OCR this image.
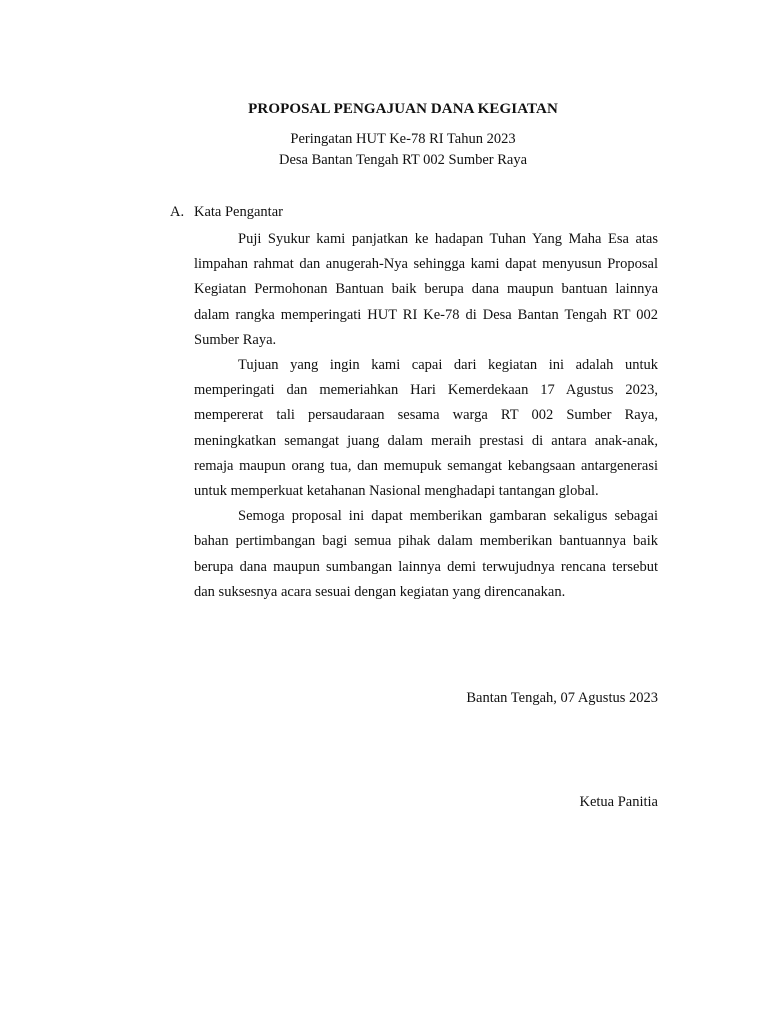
PROPOSAL PENGAJUAN DANA KEGIATAN
Peringatan HUT Ke-78 RI Tahun 2023
Desa Bantan Tengah RT 002 Sumber Raya
A. Kata Pengantar

Puji Syukur kami panjatkan ke hadapan Tuhan Yang Maha Esa atas limpahan rahmat dan anugerah-Nya sehingga kami dapat menyusun Proposal Kegiatan Permohonan Bantuan baik berupa dana maupun bantuan lainnya dalam rangka memperingati HUT RI Ke-78 di Desa Bantan Tengah RT 002 Sumber Raya.

Tujuan yang ingin kami capai dari kegiatan ini adalah untuk memperingati dan memeriahkan Hari Kemerdekaan 17 Agustus 2023, mempererat tali persaudaraan sesama warga RT 002 Sumber Raya, meningkatkan semangat juang dalam meraih prestasi di antara anak-anak, remaja maupun orang tua, dan memupuk semangat kebangsaan antargenerasi untuk memperkuat ketahanan Nasional menghadapi tantangan global.

Semoga proposal ini dapat memberikan gambaran sekaligus sebagai bahan pertimbangan bagi semua pihak dalam memberikan bantuannya baik berupa dana maupun sumbangan lainnya demi terwujudnya rencana tersebut dan suksesnya acara sesuai dengan kegiatan yang direncanakan.

Bantan Tengah, 07 Agustus 2023
Ketua Panitia
